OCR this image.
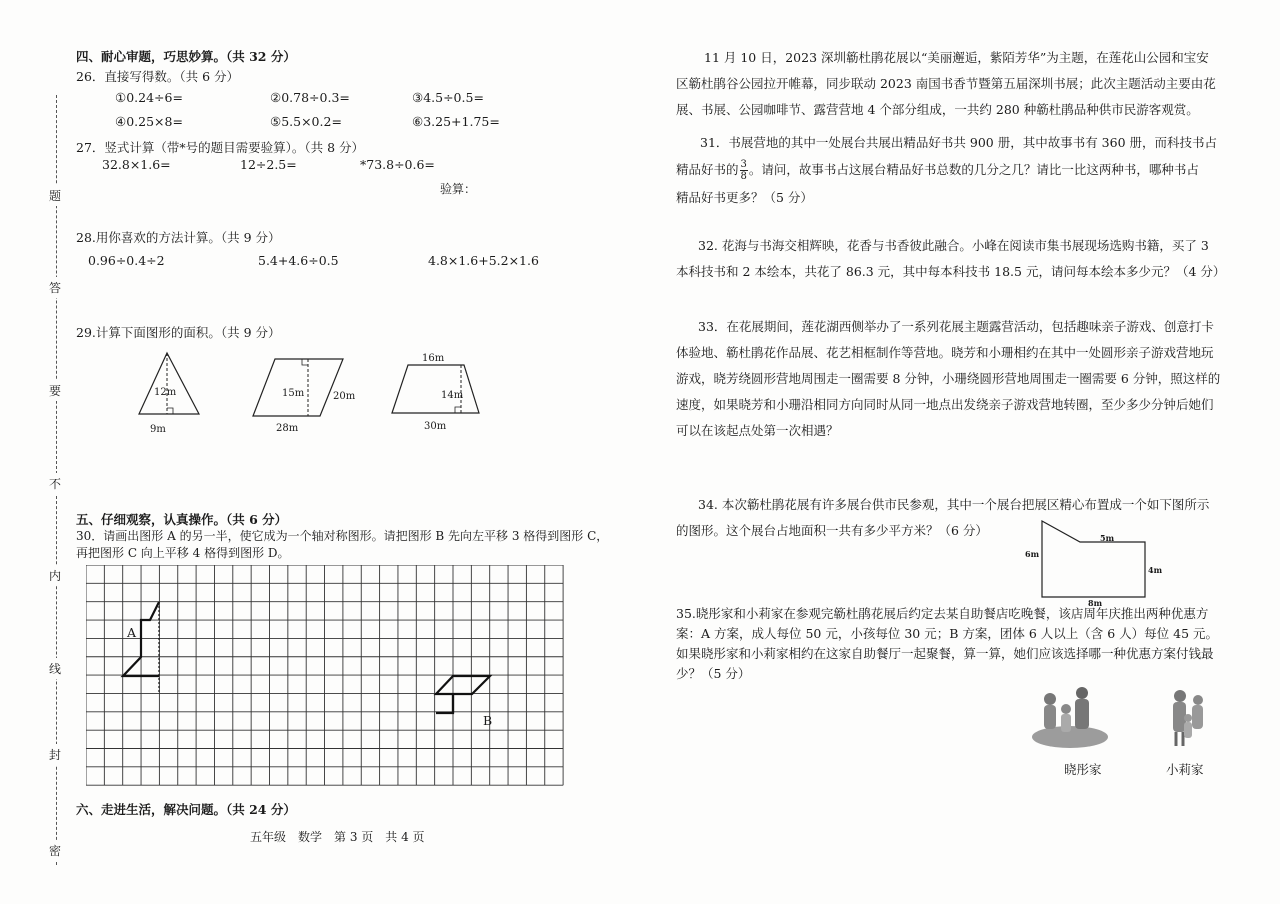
题
答
要
不
内
线
封
密
四、耐心审题，巧思妙算。（共 32 分）
26．直接写得数。（共 6 分）
①0.24÷6=	②0.78÷0.3=	③4.5÷0.5=
④0.25×8=	⑤5.5×0.2=	⑥3.25+1.75=
27．竖式计算（带*号的题目需要验算）。（共 8 分）
32.8×1.6=	12÷2.5=	*73.8÷0.6=
验算：
28.用你喜欢的方法计算。（共 9 分）
0.96÷0.4÷2	5.4+4.6÷0.5	4.8×1.6+5.2×1.6
29.计算下面图形的面积。（共 9 分）
12m
9m
15m	20m
28m
16m
14m
30m
五、仔细观察，认真操作。（共 6 分）
30．请画出图形 A 的另一半，使它成为一个轴对称图形。请把图形 B 先向左平移 3 格得到图形 C，
再把图形 C 向上平移 4 格得到图形 D。
A
B
六、走进生活，解决问题。（共 24 分）
五年级　数学　第 3 页　共 4 页
11 月 10 日，2023 深圳簕杜鹃花展以“美丽邂逅，紫陌芳华”为主题，在莲花山公园和宝安区簕杜鹃谷公园拉开帷幕，同步联动 2023 南国书香节暨第五届深圳书展；此次主题活动主要由花展、书展、公园咖啡节、露营营地 4 个部分组成，一共约 280 种簕杜鹃品种供市民游客观赏。
31．书展营地的其中一处展台共展出精品好书共 900 册，其中故事书有 360 册，而科技书占
精品好书的 $\frac{3}{8}$ 。请问，故事书占这展台精品好书总数的几分之几？请比一比这两种书，哪种书占
精品好书更多？（5 分）
32. 花海与书海交相辉映，花香与书香彼此融合。小峰在阅读市集书展现场选购书籍，买了 3 本科技书和 2 本绘本，共花了 86.3 元，其中每本科技书 18.5 元，请问每本绘本多少元？（4 分）
33．在花展期间，莲花湖西侧举办了一系列花展主题露营活动，包括趣味亲子游戏、创意打卡体验地、簕杜鹃花作品展、花艺相框制作等营地。晓芳和小珊相约在其中一处圆形亲子游戏营地玩游戏，晓芳绕圆形营地周围走一圈需要 8 分钟，小珊绕圆形营地周围走一圈需要 6 分钟，照这样的速度，如果晓芳和小珊沿相同方向同时从同一地点出发绕亲子游戏营地转圈，至少多少分钟后她们可以在该起点处第一次相遇？
34. 本次簕杜鹃花展有许多展台供市民参观，其中一个展台把展区精心布置成一个如下图所示的图形。这个展台占地面积一共有多少平方米？（6 分）	5m
6m
4m
8m
35.晓彤家和小莉家在参观完簕杜鹃花展后约定去某自助餐店吃晚餐，该店周年庆推出两种优惠方案：A 方案，成人每位 50 元，小孩每位 30 元；B 方案，团体 6 人以上（含 6 人）每位 45 元。如果晓彤家和小莉家相约在这家自助餐厅一起聚餐，算一算，她们应该选择哪一种优惠方案付钱最少？（5 分）
晓彤家	小莉家
